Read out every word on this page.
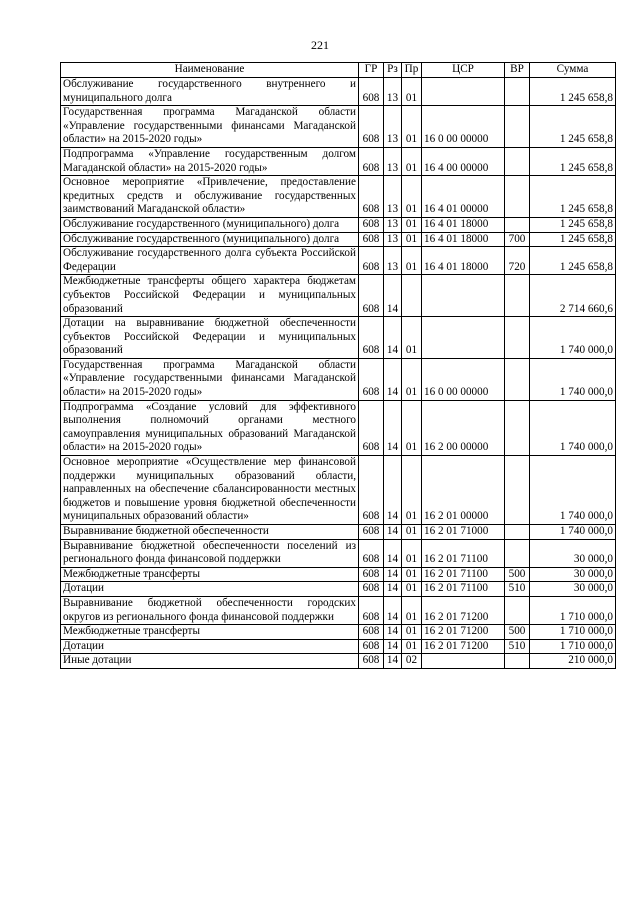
221
Наименование	ГР	Рз	Пр	ЦСР	ВР	Сумма
Обслуживание государственного внутреннего и муниципального долга	608	13	01			1 245 658,8
Государственная программа Магаданской области «Управление государственными финансами Магаданской области» на 2015-2020 годы»	608	13	01	16 0 00 00000		1 245 658,8
Подпрограмма «Управление государственным долгом Магаданской области» на 2015-2020 годы»	608	13	01	16 4 00 00000		1 245 658,8
Основное мероприятие «Привлечение, предоставление кредитных средств и обслуживание государственных заимствований Магаданской области»	608	13	01	16 4 01 00000		1 245 658,8
Обслуживание государственного (муниципального) долга	608	13	01	16 4 01 18000		1 245 658,8
Обслуживание государственного (муниципального) долга	608	13	01	16 4 01 18000	700	1 245 658,8
Обслуживание государственного долга субъекта Российской Федерации	608	13	01	16 4 01 18000	720	1 245 658,8
Межбюджетные трансферты общего характера бюджетам субъектов Российской Федерации и муниципальных образований	608	14				2 714 660,6
Дотации на выравнивание бюджетной обеспеченности субъектов Российской Федерации и муниципальных образований	608	14	01			1 740 000,0
Государственная программа Магаданской области «Управление государственными финансами Магаданской области» на 2015-2020 годы»	608	14	01	16 0 00 00000		1 740 000,0
Подпрограмма «Создание условий для эффективного выполнения полномочий органами местного самоуправления муниципальных образований Магаданской области» на 2015-2020 годы»	608	14	01	16 2 00 00000		1 740 000,0
Основное мероприятие «Осуществление мер финансовой поддержки муниципальных образований области, направленных на обеспечение сбалансированности местных бюджетов и повышение уровня бюджетной обеспеченности муниципальных образований области»	608	14	01	16 2 01 00000		1 740 000,0
Выравнивание бюджетной обеспеченности	608	14	01	16 2 01 71000		1 740 000,0
Выравнивание бюджетной обеспеченности поселений из регионального фонда финансовой поддержки	608	14	01	16 2 01 71100		30 000,0
Межбюджетные трансферты	608	14	01	16 2 01 71100	500	30 000,0
Дотации	608	14	01	16 2 01 71100	510	30 000,0
Выравнивание бюджетной обеспеченности городских округов из регионального фонда финансовой поддержки	608	14	01	16 2 01 71200		1 710 000,0
Межбюджетные трансферты	608	14	01	16 2 01 71200	500	1 710 000,0
Дотации	608	14	01	16 2 01 71200	510	1 710 000,0
Иные дотации	608	14	02			210 000,0
